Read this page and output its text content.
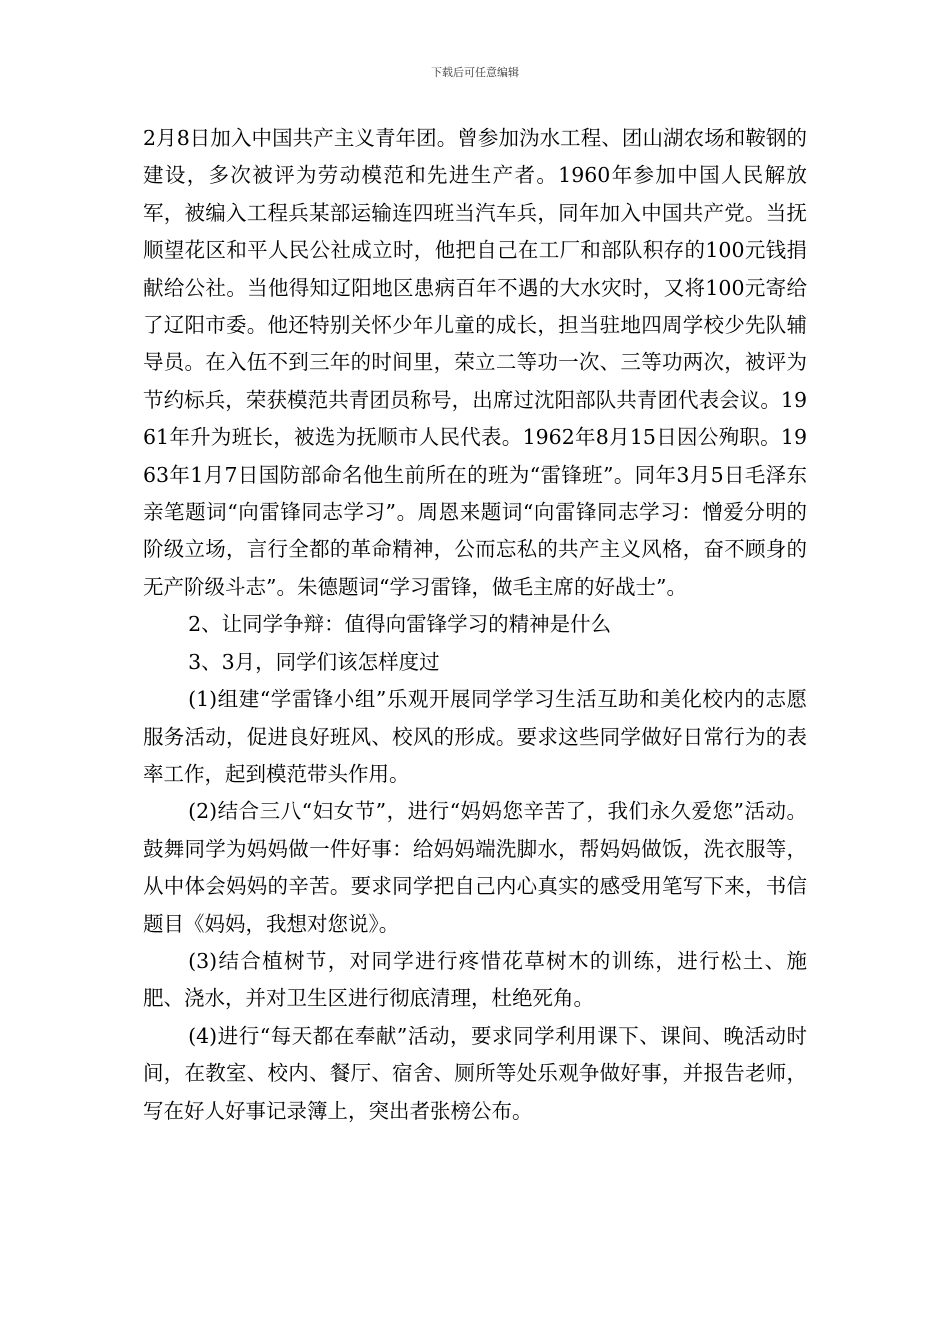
下载后可任意编辑

2月8日加入中国共产主义青年团。曾参加沩水工程、团山湖农场和鞍钢的建设，多次被评为劳动模范和先进生产者。1960年参加中国人民解放军，被编入工程兵某部运输连四班当汽车兵，同年加入中国共产党。当抚顺望花区和平人民公社成立时，他把自己在工厂和部队积存的100元钱捐献给公社。当他得知辽阳地区患病百年不遇的大水灾时，又将100元寄给了辽阳市委。他还特别关怀少年儿童的成长，担当驻地四周学校少先队辅导员。在入伍不到三年的时间里，荣立二等功一次、三等功两次，被评为节约标兵，荣获模范共青团员称号，出席过沈阳部队共青团代表会议。1961年升为班长，被选为抚顺市人民代表。1962年8月15日因公殉职。1963年1月7日国防部命名他生前所在的班为“雷锋班”。同年3月5日毛泽东亲笔题词“向雷锋同志学习”。周恩来题词“向雷锋同志学习：憎爱分明的阶级立场，言行全都的革命精神，公而忘私的共产主义风格，奋不顾身的无产阶级斗志”。朱德题词“学习雷锋，做毛主席的好战士”。

2、让同学争辩：值得向雷锋学习的精神是什么

3、3月，同学们该怎样度过

(1)组建“学雷锋小组”乐观开展同学学习生活互助和美化校内的志愿服务活动，促进良好班风、校风的形成。要求这些同学做好日常行为的表率工作，起到模范带头作用。

(2)结合三八“妇女节”，进行“妈妈您辛苦了，我们永久爱您”活动。鼓舞同学为妈妈做一件好事：给妈妈端洗脚水，帮妈妈做饭，洗衣服等，从中体会妈妈的辛苦。要求同学把自己内心真实的感受用笔写下来，书信题目《妈妈，我想对您说》。

(3)结合植树节，对同学进行疼惜花草树木的训练，进行松土、施肥、浇水，并对卫生区进行彻底清理，杜绝死角。

(4)进行“每天都在奉献”活动，要求同学利用课下、课间、晚活动时间，在教室、校内、餐厅、宿舍、厕所等处乐观争做好事，并报告老师，写在好人好事记录簿上，突出者张榜公布。
